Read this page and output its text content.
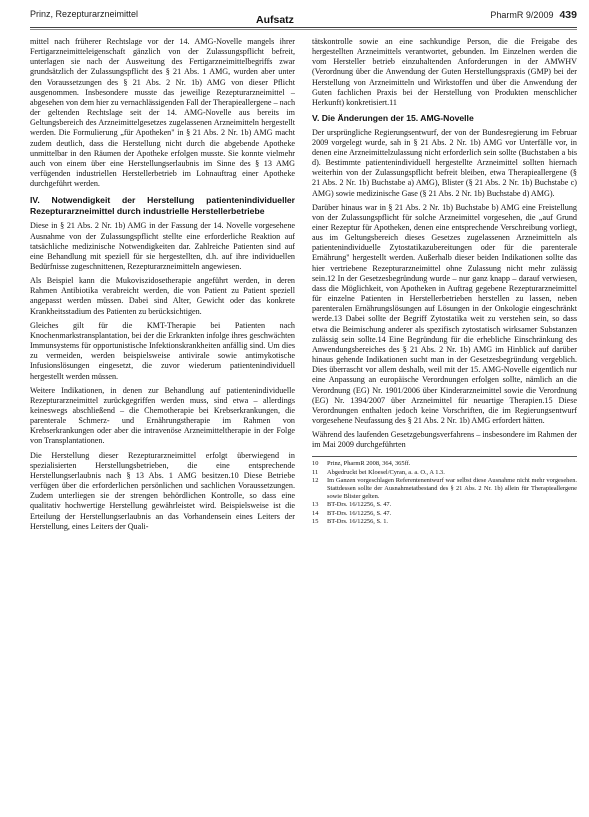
Prinz, Rezepturarzneimittel	Aufsatz	PharmR 9/2009 439

mittel nach früherer Rechtslage vor der 14. AMG-Novelle mangels ihrer Fertigarzneimitteleigenschaft gänzlich von der Zulassungspflicht befreit, unterlagen sie nach der Ausweitung des Fertigarzneimittelbegriffs zwar grundsätzlich der Zulassungspflicht des § 21 Abs. 1 AMG, wurden aber unter den Voraussetzungen des § 21 Abs. 2 Nr. 1b) AMG von dieser Pflicht ausgenommen. Insbesondere musste das jeweilige Rezepturarzneimittel – abgesehen von dem hier zu vernachlässigenden Fall der Therapieallergene – nach der geltenden Rechtslage seit der 14. AMG-Novelle aus bereits im Geltungsbereich des Arzneimittelgesetzes zugelassenen Arzneimitteln hergestellt werden. Die Formulierung „für Apotheken" in § 21 Abs. 2 Nr. 1b) AMG macht zudem deutlich, dass die Herstellung nicht durch die abgebende Apotheke unmittelbar in den Räumen der Apotheke erfolgen musste. Sie konnte vielmehr auch von einem über eine Herstellungserlaubnis im Sinne des § 13 AMG verfügenden industriellen Herstellerbetrieb im Lohnauftrag einer Apotheke durchgeführt werden.

IV. Notwendigkeit der Herstellung patientenindividueller Rezepturarzneimittel durch industrielle Herstellerbetriebe

Diese in § 21 Abs. 2 Nr. 1b) AMG in der Fassung der 14. Novelle vorgesehene Ausnahme von der Zulassungspflicht stellte eine erforderliche Reaktion auf tatsächliche medizinische Notwendigkeiten dar. Zahlreiche Patienten sind auf eine Behandlung mit speziell für sie hergestellten, d.h. auf ihre individuellen Bedürfnisse zugeschnittenen, Rezepturarzneimitteln angewiesen.

Als Beispiel kann die Mukoviszidosetherapie angeführt werden, in deren Rahmen Antibiotika verabreicht werden, die von Patient zu Patient speziell angepasst werden müssen. Dabei sind Alter, Gewicht oder das konkrete Krankheitsstadium des Patienten zu berücksichtigen.

Gleiches gilt für die KMT-Therapie bei Patienten nach Knochenmarkstransplantation, bei der die Erkrankten infolge ihres geschwächten Immunsystems für opportunistische Infektionskrankheiten anfällig sind. Um dies zu vermeiden, werden beispielsweise antivirale sowie antimykotische Infusionslösungen eingesetzt, die zuvor wiederum patientenindividuell hergestellt werden müssen.

Weitere Indikationen, in denen zur Behandlung auf patientenindividuelle Rezepturarzneimittel zurückgegriffen werden muss, sind etwa – allerdings keineswegs abschließend – die Chemotherapie bei Krebserkrankungen, die parenterale Schmerz- und Ernährungstherapie im Rahmen von Krebserkrankungen oder aber die intravenöse Arzneimitteltherapie in der Folge von Transplantationen.

Die Herstellung dieser Rezepturarzneimittel erfolgt überwiegend in spezialisierten Herstellungsbetrieben, die eine entsprechende Herstellungserlaubnis nach § 13 Abs. 1 AMG besitzen.10 Diese Betriebe verfügen über die erforderlichen persönlichen und sachlichen Voraussetzungen. Zudem unterliegen sie der strengen behördlichen Kontrolle, so dass eine qualitativ hochwertige Herstellung gewährleistet wird. Beispielsweise ist die Erteilung der Herstellungserlaubnis an das Vorhandensein eines Leiters der Herstellung, eines Leiters der Quali-

tätskontrolle sowie an eine sachkundige Person, die die Freigabe des hergestellten Arzneimittels verantwortet, gebunden. Im Einzelnen werden die vom Hersteller betrieb einzuhaltenden Anforderungen in der AMWHV (Verordnung über die Anwendung der Guten Herstellungspraxis (GMP) bei der Herstellung von Arzneimitteln und Wirkstoffen und über die Anwendung der Guten fachlichen Praxis bei der Herstellung von Produkten menschlicher Herkunft) konkretisiert.11

V. Die Änderungen der 15. AMG-Novelle

Der ursprüngliche Regierungsentwurf, der von der Bundesregierung im Februar 2009 vorgelegt wurde, sah in § 21 Abs. 2 Nr. 1b) AMG vor Unterfälle vor, in denen eine Arzneimittelzulassung nicht erforderlich sein sollte (Buchstaben a bis d). Bestimmte patientenindividuell hergestellte Arzneimittel sollten hiernach weiterhin von der Zulassungspflicht befreit bleiben, etwa Therapieallergene (§ 21 Abs. 2 Nr. 1b) Buchstabe a) AMG), Blister (§ 21 Abs. 2 Nr. 1b) Buchstabe c) AMG) sowie medizinische Gase (§ 21 Abs. 2 Nr. 1b) Buchstabe d) AMG).

Darüber hinaus war in § 21 Abs. 2 Nr. 1b) Buchstabe b) AMG eine Freistellung von der Zulassungspflicht für solche Arzneimittel vorgesehen, die „auf Grund einer Rezeptur für Apotheken, denen eine entsprechende Verschreibung vorliegt, aus im Geltungsbereich dieses Gesetzes zugelassenen Arzneimitteln als patientenindividuelle Zytostatikazubereitungen oder für die parenterale Ernährung" hergestellt werden. Außerhalb dieser beiden Indikationen sollte das hier vertriebene Rezepturarzneimittel ohne Zulassung nicht mehr zulässig sein.12 In der Gesetzesbegründung wurde – nur ganz knapp – darauf verwiesen, dass die Möglichkeit, von Apotheken in Auftrag gegebene Rezepturarzneimittel für einzelne Patienten in Herstellerbetrieben herstellen zu lassen, neben parenteralen Ernährungslösungen auf Lösungen in der Onkologie eingeschränkt werde.13 Dabei sollte der Begriff Zytostatika weit zu verstehen sein, so dass etwa die Beimischung anderer als spezifisch zytostatisch wirksamer Substanzen zulässig sein sollte.14 Eine Begründung für die erhebliche Einschränkung des Anwendungsbereiches des § 21 Abs. 2 Nr. 1b) AMG im Hinblick auf darüber hinaus gehende Indikationen sucht man in der Gesetzesbegründung vergeblich. Dies überrascht vor allem deshalb, weil mit der 15. AMG-Novelle eigentlich nur eine Anpassung an europäische Verordnungen erfolgen sollte, nämlich an die Verordnung (EG) Nr. 1901/2006 über Kinderarzneimittel sowie die Verordnung (EG) Nr. 1394/2007 über Arzneimittel für neuartige Therapien.15 Diese Verordnungen enthalten jedoch keine Vorschriften, die im Regierungsentwurf vorgesehene Neufassung des § 21 Abs. 2 Nr. 1b) AMG erfordert hätten.

Während des laufenden Gesetzgebungsverfahrens – insbesondere im Rahmen der im Mai 2009 durchgeführten

10	Prinz, PharmR 2008, 364, 365ff.
11	Abgedruckt bei Kloesel/Cyran, a. a. O., A 1.3.
12	Im Ganzen vorgeschlagen Referentenentwurf war selbst diese Ausnahme nicht mehr vorgesehen. Stattdessen sollte der Ausnahmetatbestand des § 21 Abs. 2 Nr. 1b) allein für Therapieallergene sowie Blister gelten.
13	BT-Drs. 16/12256, S. 47.
14	BT-Drs. 16/12256, S. 47.
15	BT-Drs. 16/12256, S. 1.
